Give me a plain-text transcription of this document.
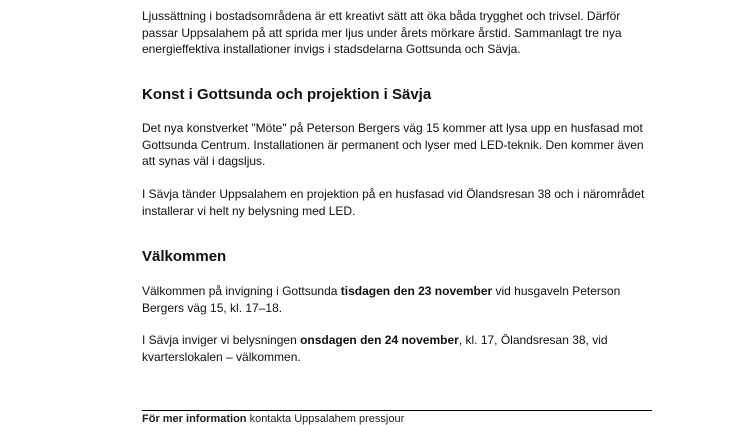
Ljussättning i bostadsområdena är ett kreativt sätt att öka båda trygghet och trivsel. Därför passar Uppsalahem på att sprida mer ljus under årets mörkare årstid. Sammanlagt tre nya energieffektiva installationer invigs i stadsdelarna Gottsunda och Sävja.

Konst i Gottsunda och projektion i Sävja

Det nya konstverket "Möte" på Peterson Bergers väg 15 kommer att lysa upp en husfasad mot Gottsunda Centrum. Installationen är permanent och lyser med LED-teknik. Den kommer även att synas väl i dagsljus.

I Sävja tänder Uppsalahem en projektion på en husfasad vid Ölandsresan 38 och i närområdet installerar vi helt ny belysning med LED.

Välkommen

Välkommen på invigning i Gottsunda tisdagen den 23 november vid husgaveln Peterson Bergers väg 15, kl. 17–18.

I Sävja inviger vi belysningen onsdagen den 24 november, kl. 17, Ölandsresan 38, vid kvarterslokalen – välkommen.

För mer information kontakta Uppsalahem pressjour
